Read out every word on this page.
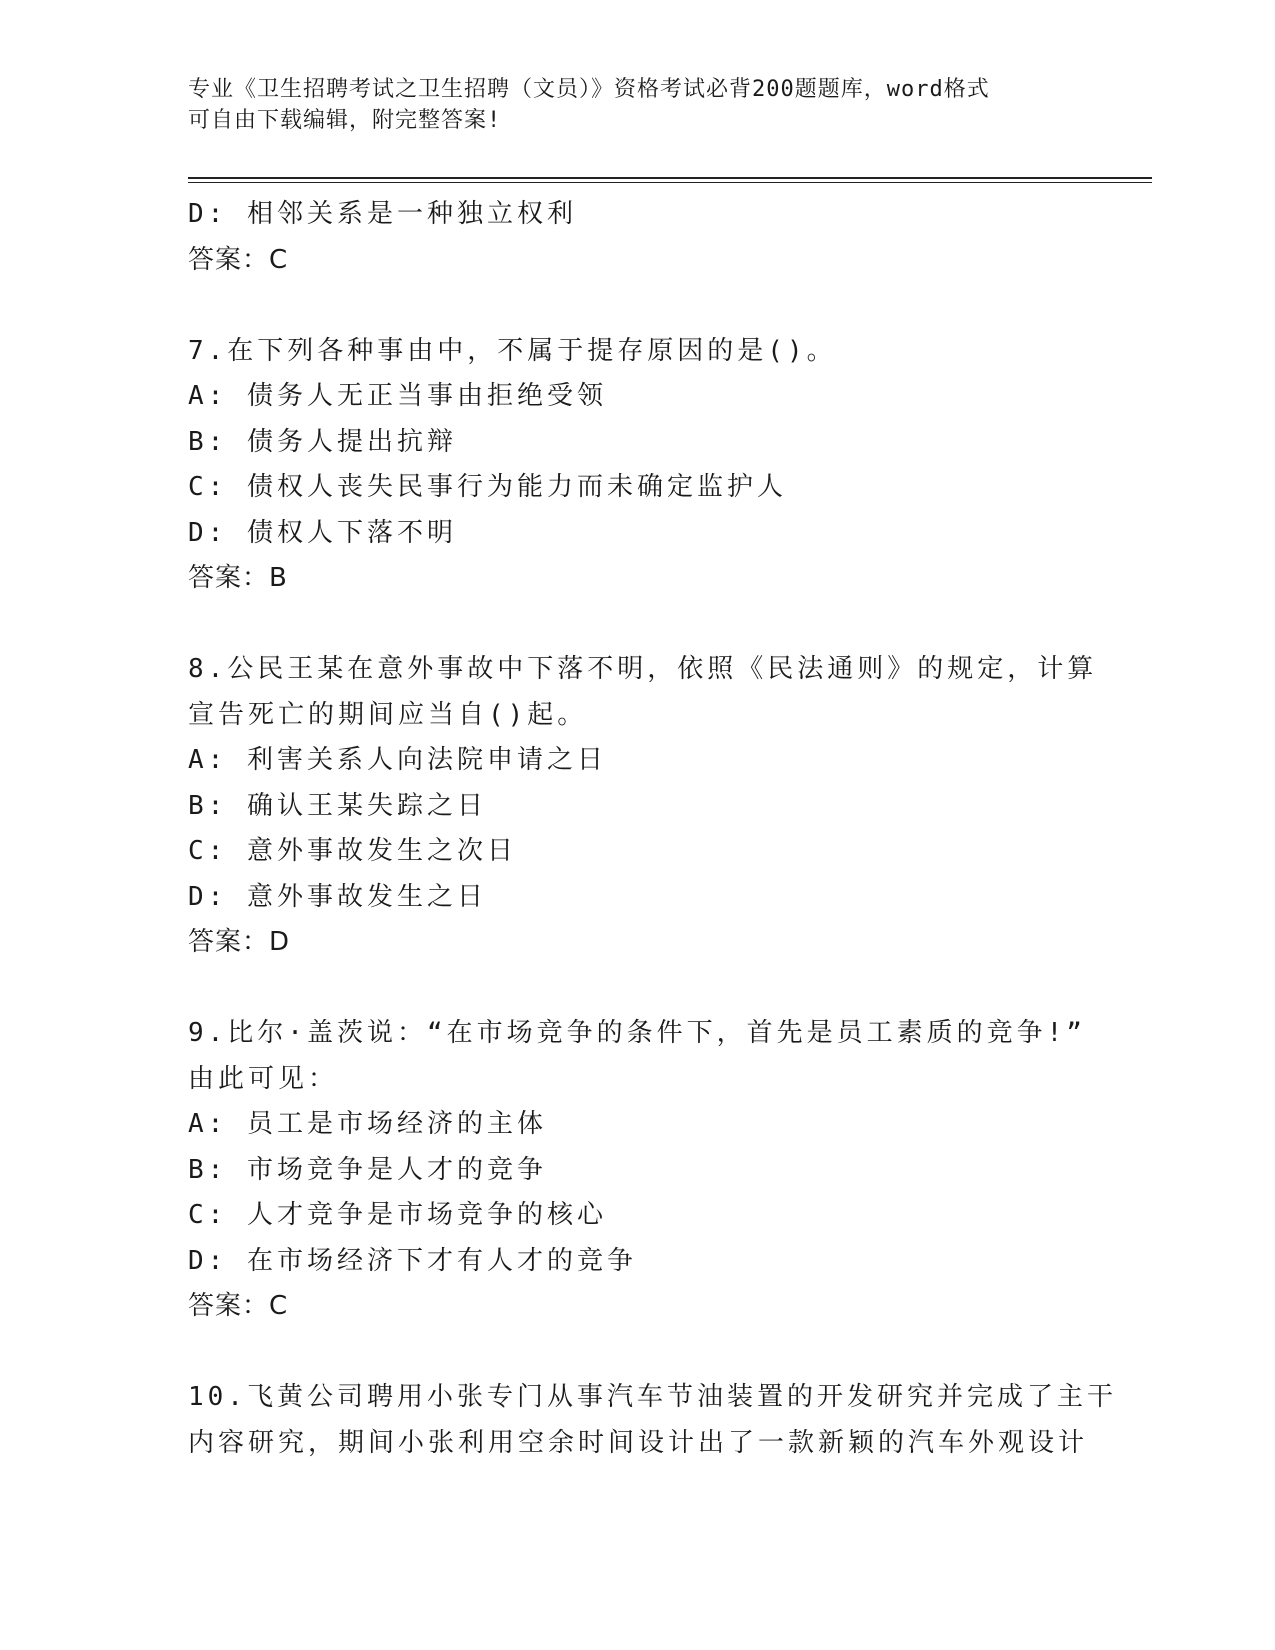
专业《卫生招聘考试之卫生招聘（文员）》资格考试必背200题题库，word格式
可自由下载编辑，附完整答案!
D: 相邻关系是一种独立权利
答案：C
7.在下列各种事由中，不属于提存原因的是()。
A: 债务人无正当事由拒绝受领
B: 债务人提出抗辩
C: 债权人丧失民事行为能力而未确定监护人
D: 债权人下落不明
答案：B
8.公民王某在意外事故中下落不明，依照《民法通则》的规定，计算
宣告死亡的期间应当自()起。
A: 利害关系人向法院申请之日
B: 确认王某失踪之日
C: 意外事故发生之次日
D: 意外事故发生之日
答案：D
9.比尔·盖茨说：“在市场竞争的条件下，首先是员工素质的竞争!”
由此可见：
A: 员工是市场经济的主体
B: 市场竞争是人才的竞争
C: 人才竞争是市场竞争的核心
D: 在市场经济下才有人才的竞争
答案：C
10.飞黄公司聘用小张专门从事汽车节油装置的开发研究并完成了主干
内容研究，期间小张利用空余时间设计出了一款新颖的汽车外观设计
